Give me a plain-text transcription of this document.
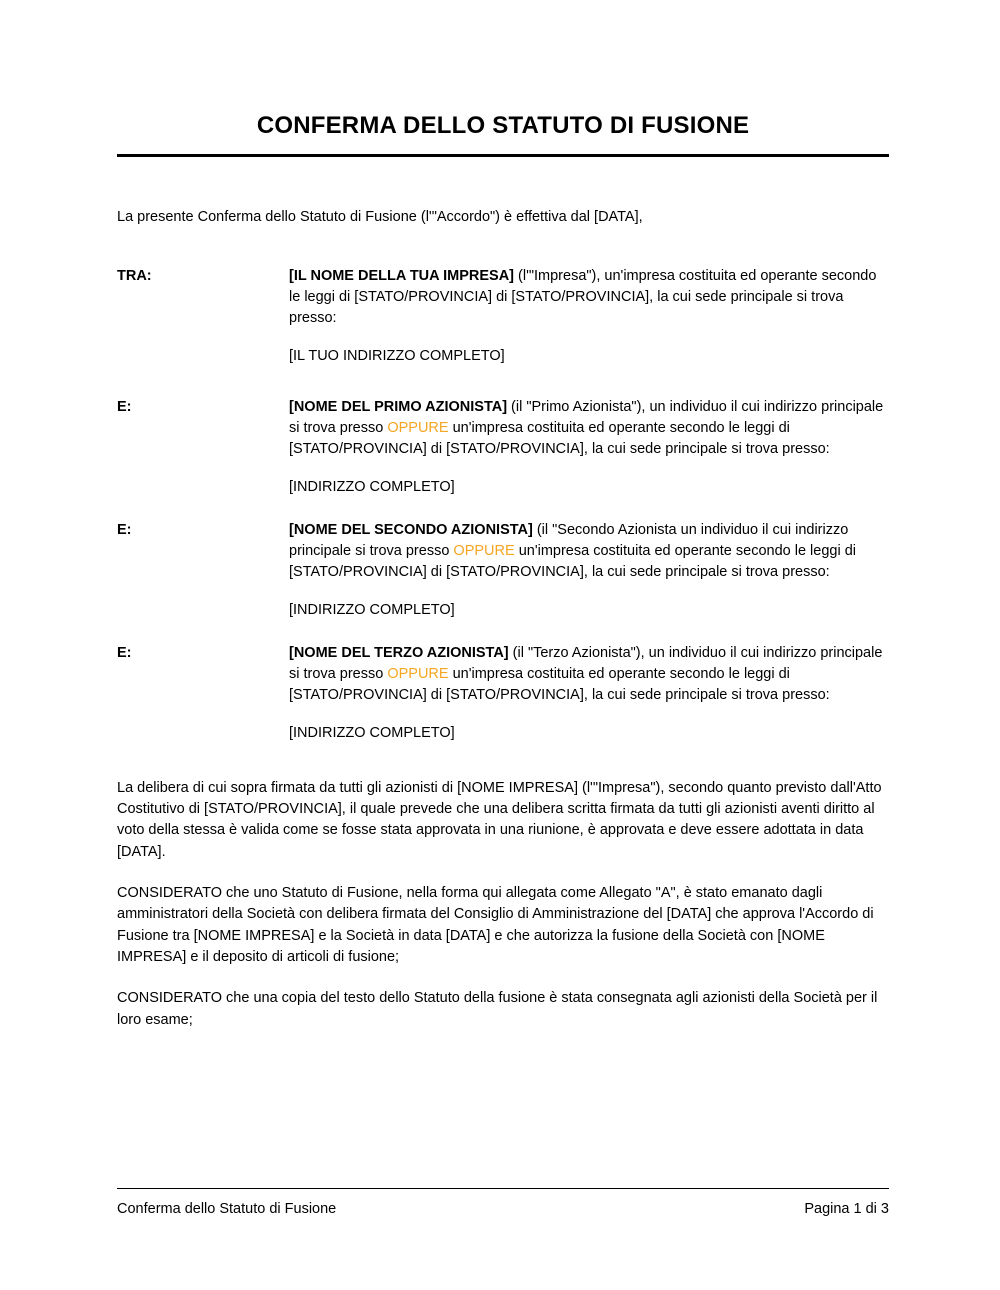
CONFERMA DELLO STATUTO DI FUSIONE

La presente Conferma dello Statuto di Fusione (l'"Accordo") è effettiva dal [DATA],

TRA:	[IL NOME DELLA TUA IMPRESA] (l'"Impresa"), un'impresa costituita ed operante secondo le leggi di [STATO/PROVINCIA] di [STATO/PROVINCIA], la cui sede principale si trova presso:

[IL TUO INDIRIZZO COMPLETO]

E:	[NOME DEL PRIMO AZIONISTA] (il "Primo Azionista"), un individuo il cui indirizzo principale si trova presso OPPURE un'impresa costituita ed operante secondo le leggi di [STATO/PROVINCIA] di [STATO/PROVINCIA], la cui sede principale si trova presso:

[INDIRIZZO COMPLETO]

E:	[NOME DEL SECONDO AZIONISTA] (il "Secondo Azionista un individuo il cui indirizzo principale si trova presso OPPURE un'impresa costituita ed operante secondo le leggi di [STATO/PROVINCIA] di [STATO/PROVINCIA], la cui sede principale si trova presso:

[INDIRIZZO COMPLETO]

E:	[NOME DEL TERZO AZIONISTA] (il "Terzo Azionista"), un individuo il cui indirizzo principale si trova presso OPPURE un'impresa costituita ed operante secondo le leggi di [STATO/PROVINCIA] di [STATO/PROVINCIA], la cui sede principale si trova presso:

[INDIRIZZO COMPLETO]

La delibera di cui sopra firmata da tutti gli azionisti di [NOME IMPRESA] (l'"Impresa"), secondo quanto previsto dall'Atto Costitutivo di [STATO/PROVINCIA], il quale prevede che una delibera scritta firmata da tutti gli azionisti aventi diritto al voto della stessa è valida come se fosse stata approvata in una riunione, è approvata e deve essere adottata in data [DATA].

CONSIDERATO che uno Statuto di Fusione, nella forma qui allegata come Allegato "A", è stato emanato dagli amministratori della Società con delibera firmata del Consiglio di Amministrazione del [DATA] che approva l'Accordo di Fusione tra [NOME IMPRESA] e la Società in data [DATA] e che autorizza la fusione della Società con [NOME IMPRESA] e il deposito di articoli di fusione;

CONSIDERATO che una copia del testo dello Statuto della fusione è stata consegnata agli azionisti della Società per il loro esame;

Conferma dello Statuto di Fusione	Pagina 1 di 3
